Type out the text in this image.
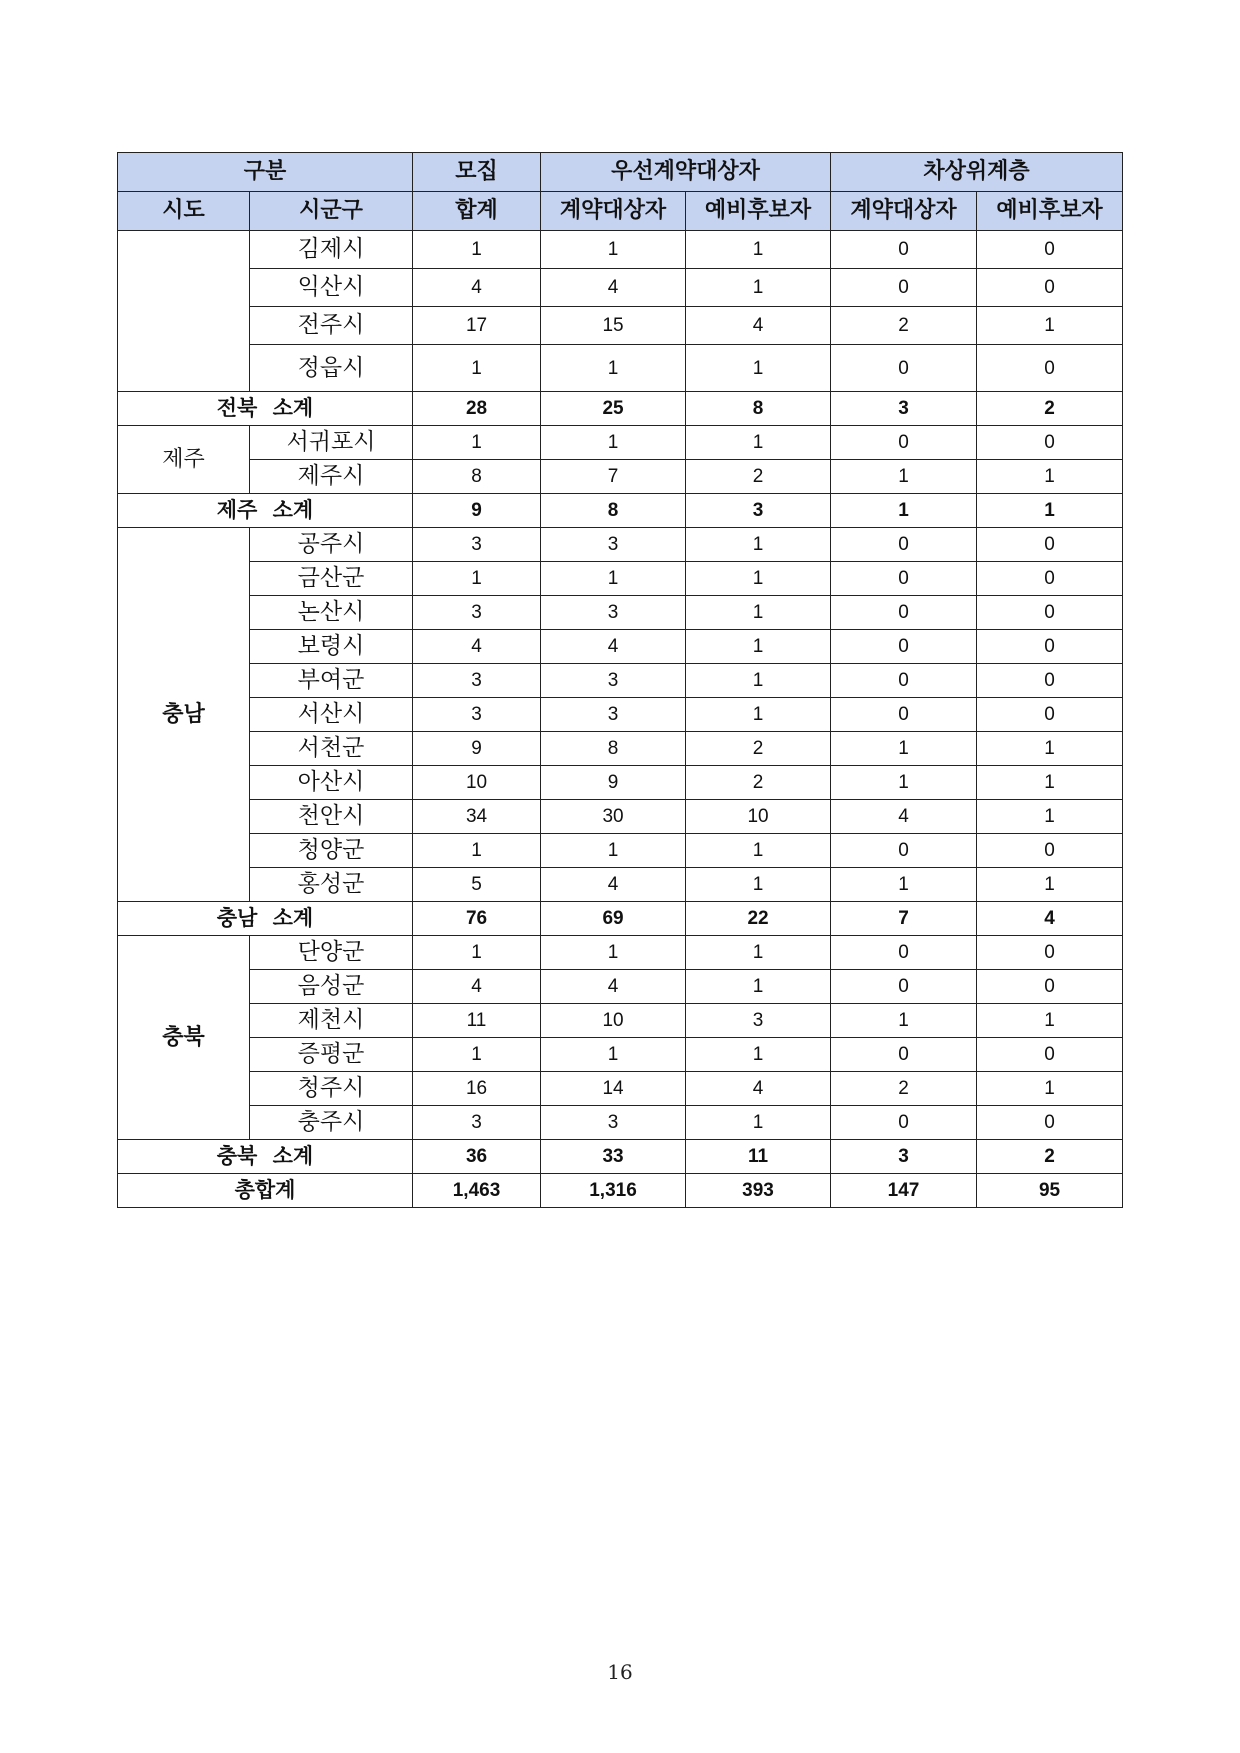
구분		모집	우선계약대상자		차상위계층	
시도	시군구	합계	계약대상자	예비후보자	계약대상자	예비후보자
	김제시	1	1	1	0	0
	익산시	4	4	1	0	0
	전주시	17	15	4	2	1
	정읍시	1	1	1	0	0
전북 소계		28	25	8	3	2
제주	서귀포시	1	1	1	0	0
	제주시	8	7	2	1	1
제주 소계		9	8	3	1	1
충남	공주시	3	3	1	0	0
	금산군	1	1	1	0	0
	논산시	3	3	1	0	0
	보령시	4	4	1	0	0
	부여군	3	3	1	0	0
	서산시	3	3	1	0	0
	서천군	9	8	2	1	1
	아산시	10	9	2	1	1
	천안시	34	30	10	4	1
	청양군	1	1	1	0	0
	홍성군	5	4	1	1	1
충남 소계		76	69	22	7	4
충북	단양군	1	1	1	0	0
	음성군	4	4	1	0	0
	제천시	11	10	3	1	1
	증평군	1	1	1	0	0
	청주시	16	14	4	2	1
	충주시	3	3	1	0	0
충북 소계		36	33	11	3	2
총합계		1,463	1,316	393	147	95
16
